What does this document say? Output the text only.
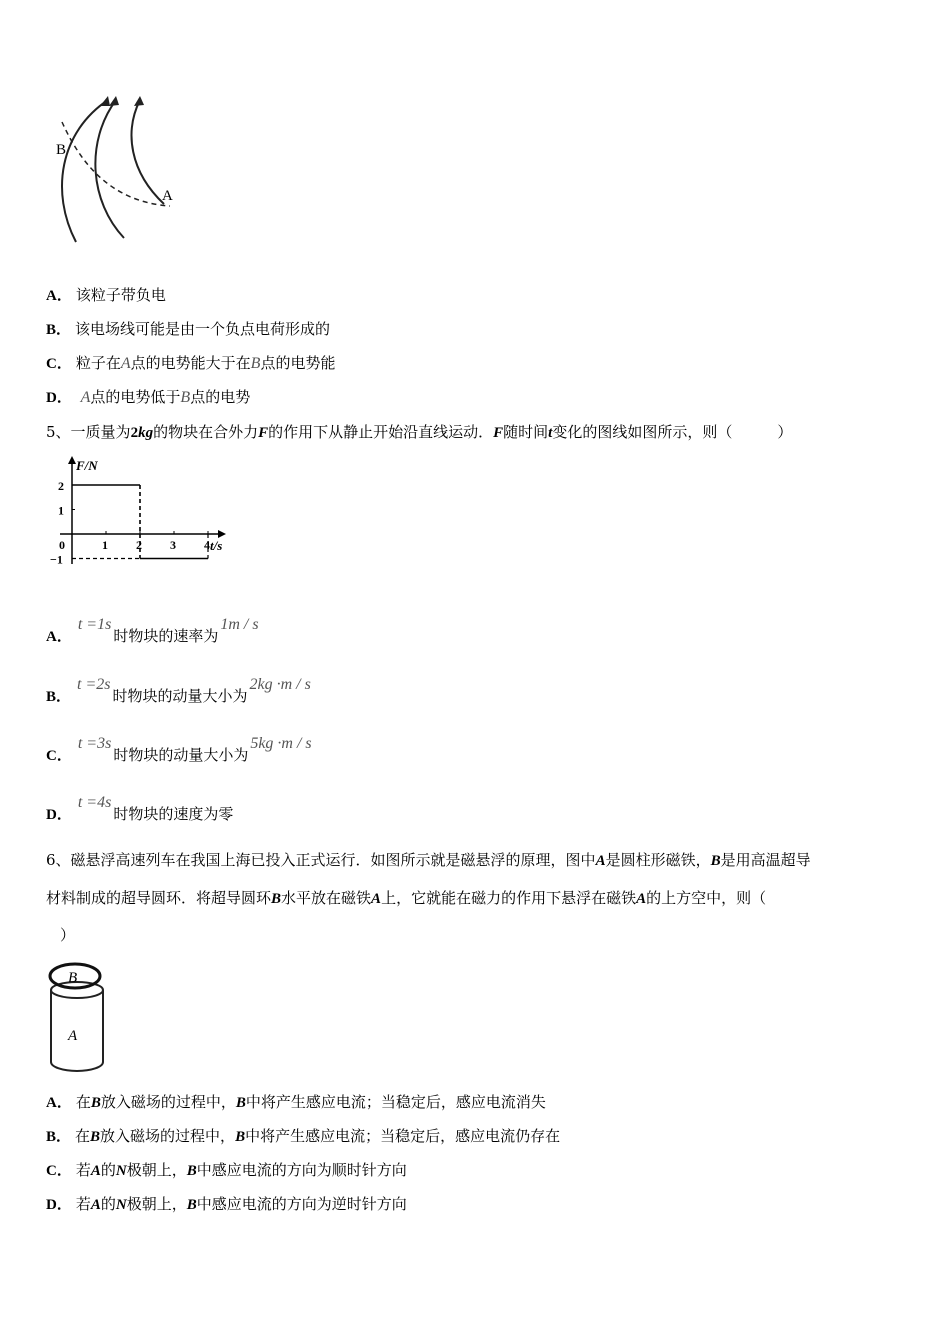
B
A
A． 该粒子带负电
B． 该电场线可能是由一个负点电荷形成的
C． 粒子在A点的电势能大于在B点的电势能
D． A点的电势低于B点的电势
5、一质量为2kg的物块在合外力F的作用下从静止开始沿直线运动．F随时间t变化的图线如图所示，则（　　　）
F/N
t/s
0	1 2 3 4
2
1
−1
A．t =1s时物块的速率为1m / s
B．t =2s时物块的动量大小为2kg ·m / s
C．t =3s时物块的动量大小为5kg ·m / s
D．t =4s时物块的速度为零
6、磁悬浮高速列车在我国上海已投入正式运行．如图所示就是磁悬浮的原理，图中A是圆柱形磁铁，B是用高温超导
材料制成的超导圆环．将超导圆环B水平放在磁铁A上，它就能在磁力的作用下悬浮在磁铁A的上方空中，则（
）
B
A
A． 在B放入磁场的过程中，B中将产生感应电流；当稳定后，感应电流消失
B． 在B放入磁场的过程中，B中将产生感应电流；当稳定后，感应电流仍存在
C． 若A的N极朝上，B中感应电流的方向为顺时针方向
D． 若A的N极朝上，B中感应电流的方向为逆时针方向
